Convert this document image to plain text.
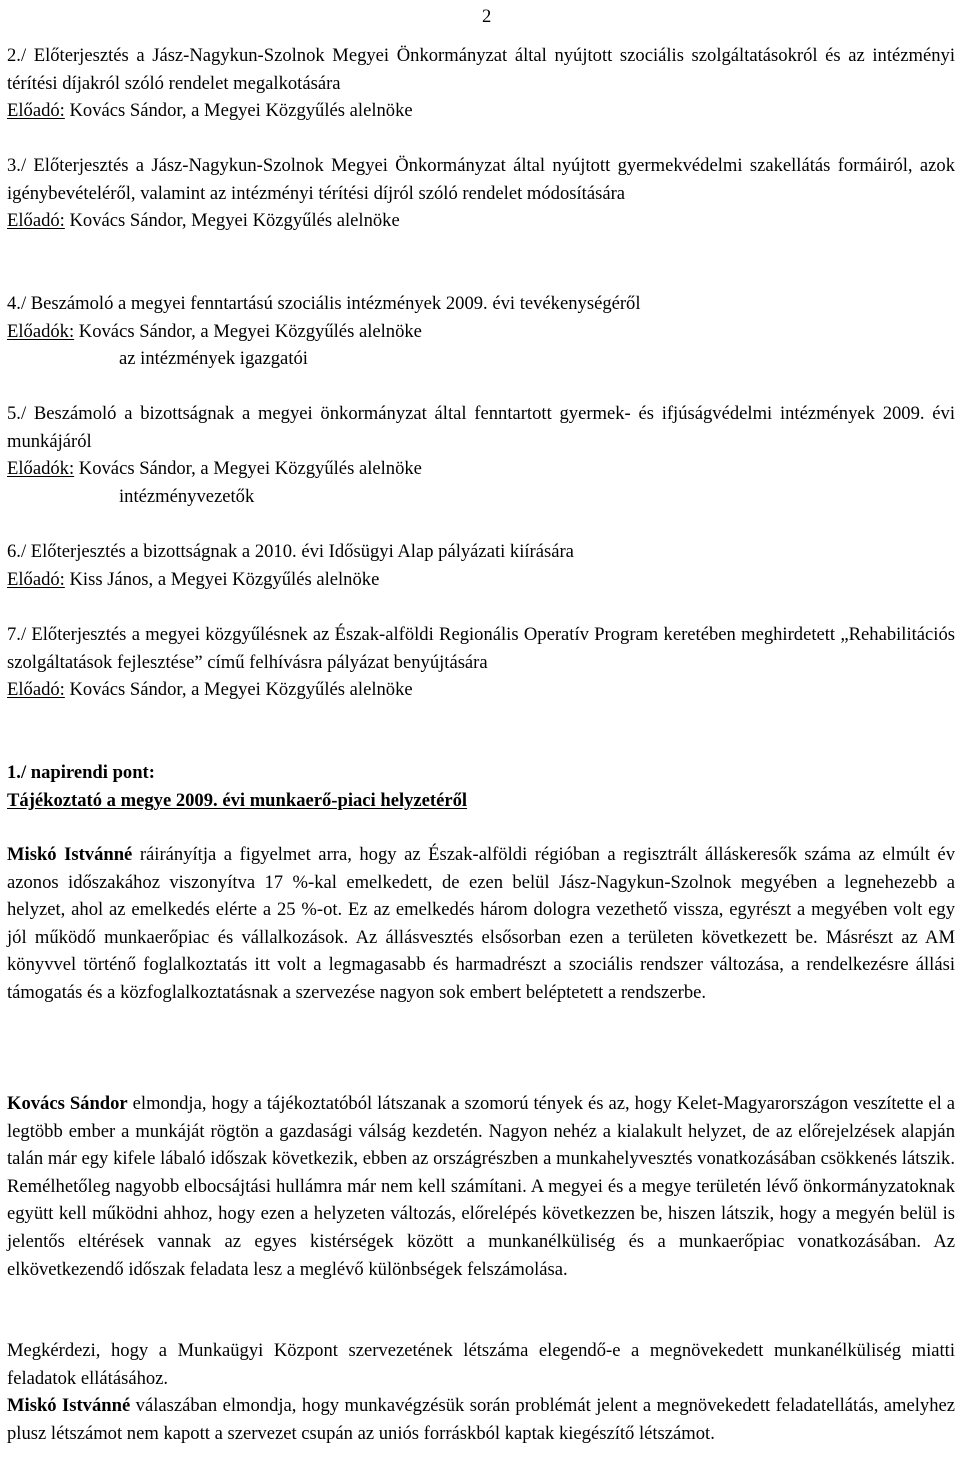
2

2./ Előterjesztés a Jász-Nagykun-Szolnok Megyei Önkormányzat által nyújtott szociális szolgáltatásokról és az intézményi térítési díjakról szóló rendelet megalkotására

Előadó: Kovács Sándor, a Megyei Közgyűlés alelnöke

3./ Előterjesztés a Jász-Nagykun-Szolnok Megyei Önkormányzat által nyújtott gyermekvédelmi szakellátás formáiról, azok igénybevételéről, valamint az intézményi térítési díjról szóló rendelet módosítására

Előadó: Kovács Sándor, Megyei Közgyűlés alelnöke

4./ Beszámoló a megyei fenntartású szociális intézmények 2009. évi tevékenységéről

Előadók: Kovács Sándor, a Megyei Közgyűlés alelnöke

az intézmények igazgatói

5./ Beszámoló a bizottságnak a megyei önkormányzat által fenntartott gyermek- és ifjúságvédelmi intézmények 2009. évi munkájáról

Előadók: Kovács Sándor, a Megyei Közgyűlés alelnöke

intézményvezetők

6./ Előterjesztés a bizottságnak a 2010. évi Idősügyi Alap pályázati kiírására

Előadó: Kiss János, a Megyei Közgyűlés alelnöke

7./ Előterjesztés a megyei közgyűlésnek az Észak-alföldi Regionális Operatív Program keretében meghirdetett „Rehabilitációs szolgáltatások fejlesztése” című felhívásra pályázat benyújtására

Előadó: Kovács Sándor, a Megyei Közgyűlés alelnöke

1./ napirendi pont:

Tájékoztató a megye 2009. évi munkaerő-piaci helyzetéről

Miskó Istvánné ráirányítja a figyelmet arra, hogy az Észak-alföldi régióban a regisztrált álláskeresők száma az elmúlt év azonos időszakához viszonyítva 17 %-kal emelkedett, de ezen belül Jász-Nagykun-Szolnok megyében a legnehezebb a helyzet, ahol az emelkedés elérte a 25 %-ot. Ez az emelkedés három dologra vezethető vissza, egyrészt a megyében volt egy jól működő munkaerőpiac és vállalkozások. Az állásvesztés elsősorban ezen a területen következett be. Másrészt az AM könyvvel történő foglalkoztatás itt volt a legmagasabb és harmadrészt a szociális rendszer változása, a rendelkezésre állási támogatás és a közfoglalkoztatásnak a szervezése nagyon sok embert beléptetett a rendszerbe.

Kovács Sándor elmondja, hogy a tájékoztatóból látszanak a szomorú tények és az, hogy Kelet-Magyarországon veszítette el a legtöbb ember a munkáját rögtön a gazdasági válság kezdetén. Nagyon nehéz a kialakult helyzet, de az előrejelzések alapján talán már egy kifele lábaló időszak következik, ebben az országrészben a munkahelyvesztés vonatkozásában csökkenés látszik. Remélhetőleg nagyobb elbocsájtási hullámra már nem kell számítani. A megyei és a megye területén lévő önkormányzatoknak együtt kell működni ahhoz, hogy ezen a helyzeten változás, előrelépés következzen be, hiszen látszik, hogy a megyén belül is jelentős eltérések vannak az egyes kistérségek között a munkanélküliség és a munkaerőpiac vonatkozásában. Az elkövetkezendő időszak feladata lesz a meglévő különbségek felszámolása.

Megkérdezi, hogy a Munkaügyi Központ szervezetének létszáma elegendő-e a megnövekedett munkanélküliség miatti feladatok ellátásához.

Miskó Istvánné válaszában elmondja, hogy munkavégzésük során problémát jelent a megnövekedett feladatellátás, amelyhez plusz létszámot nem kapott a szervezet csupán az uniós forráskból kaptak kiegészítő létszámot.
